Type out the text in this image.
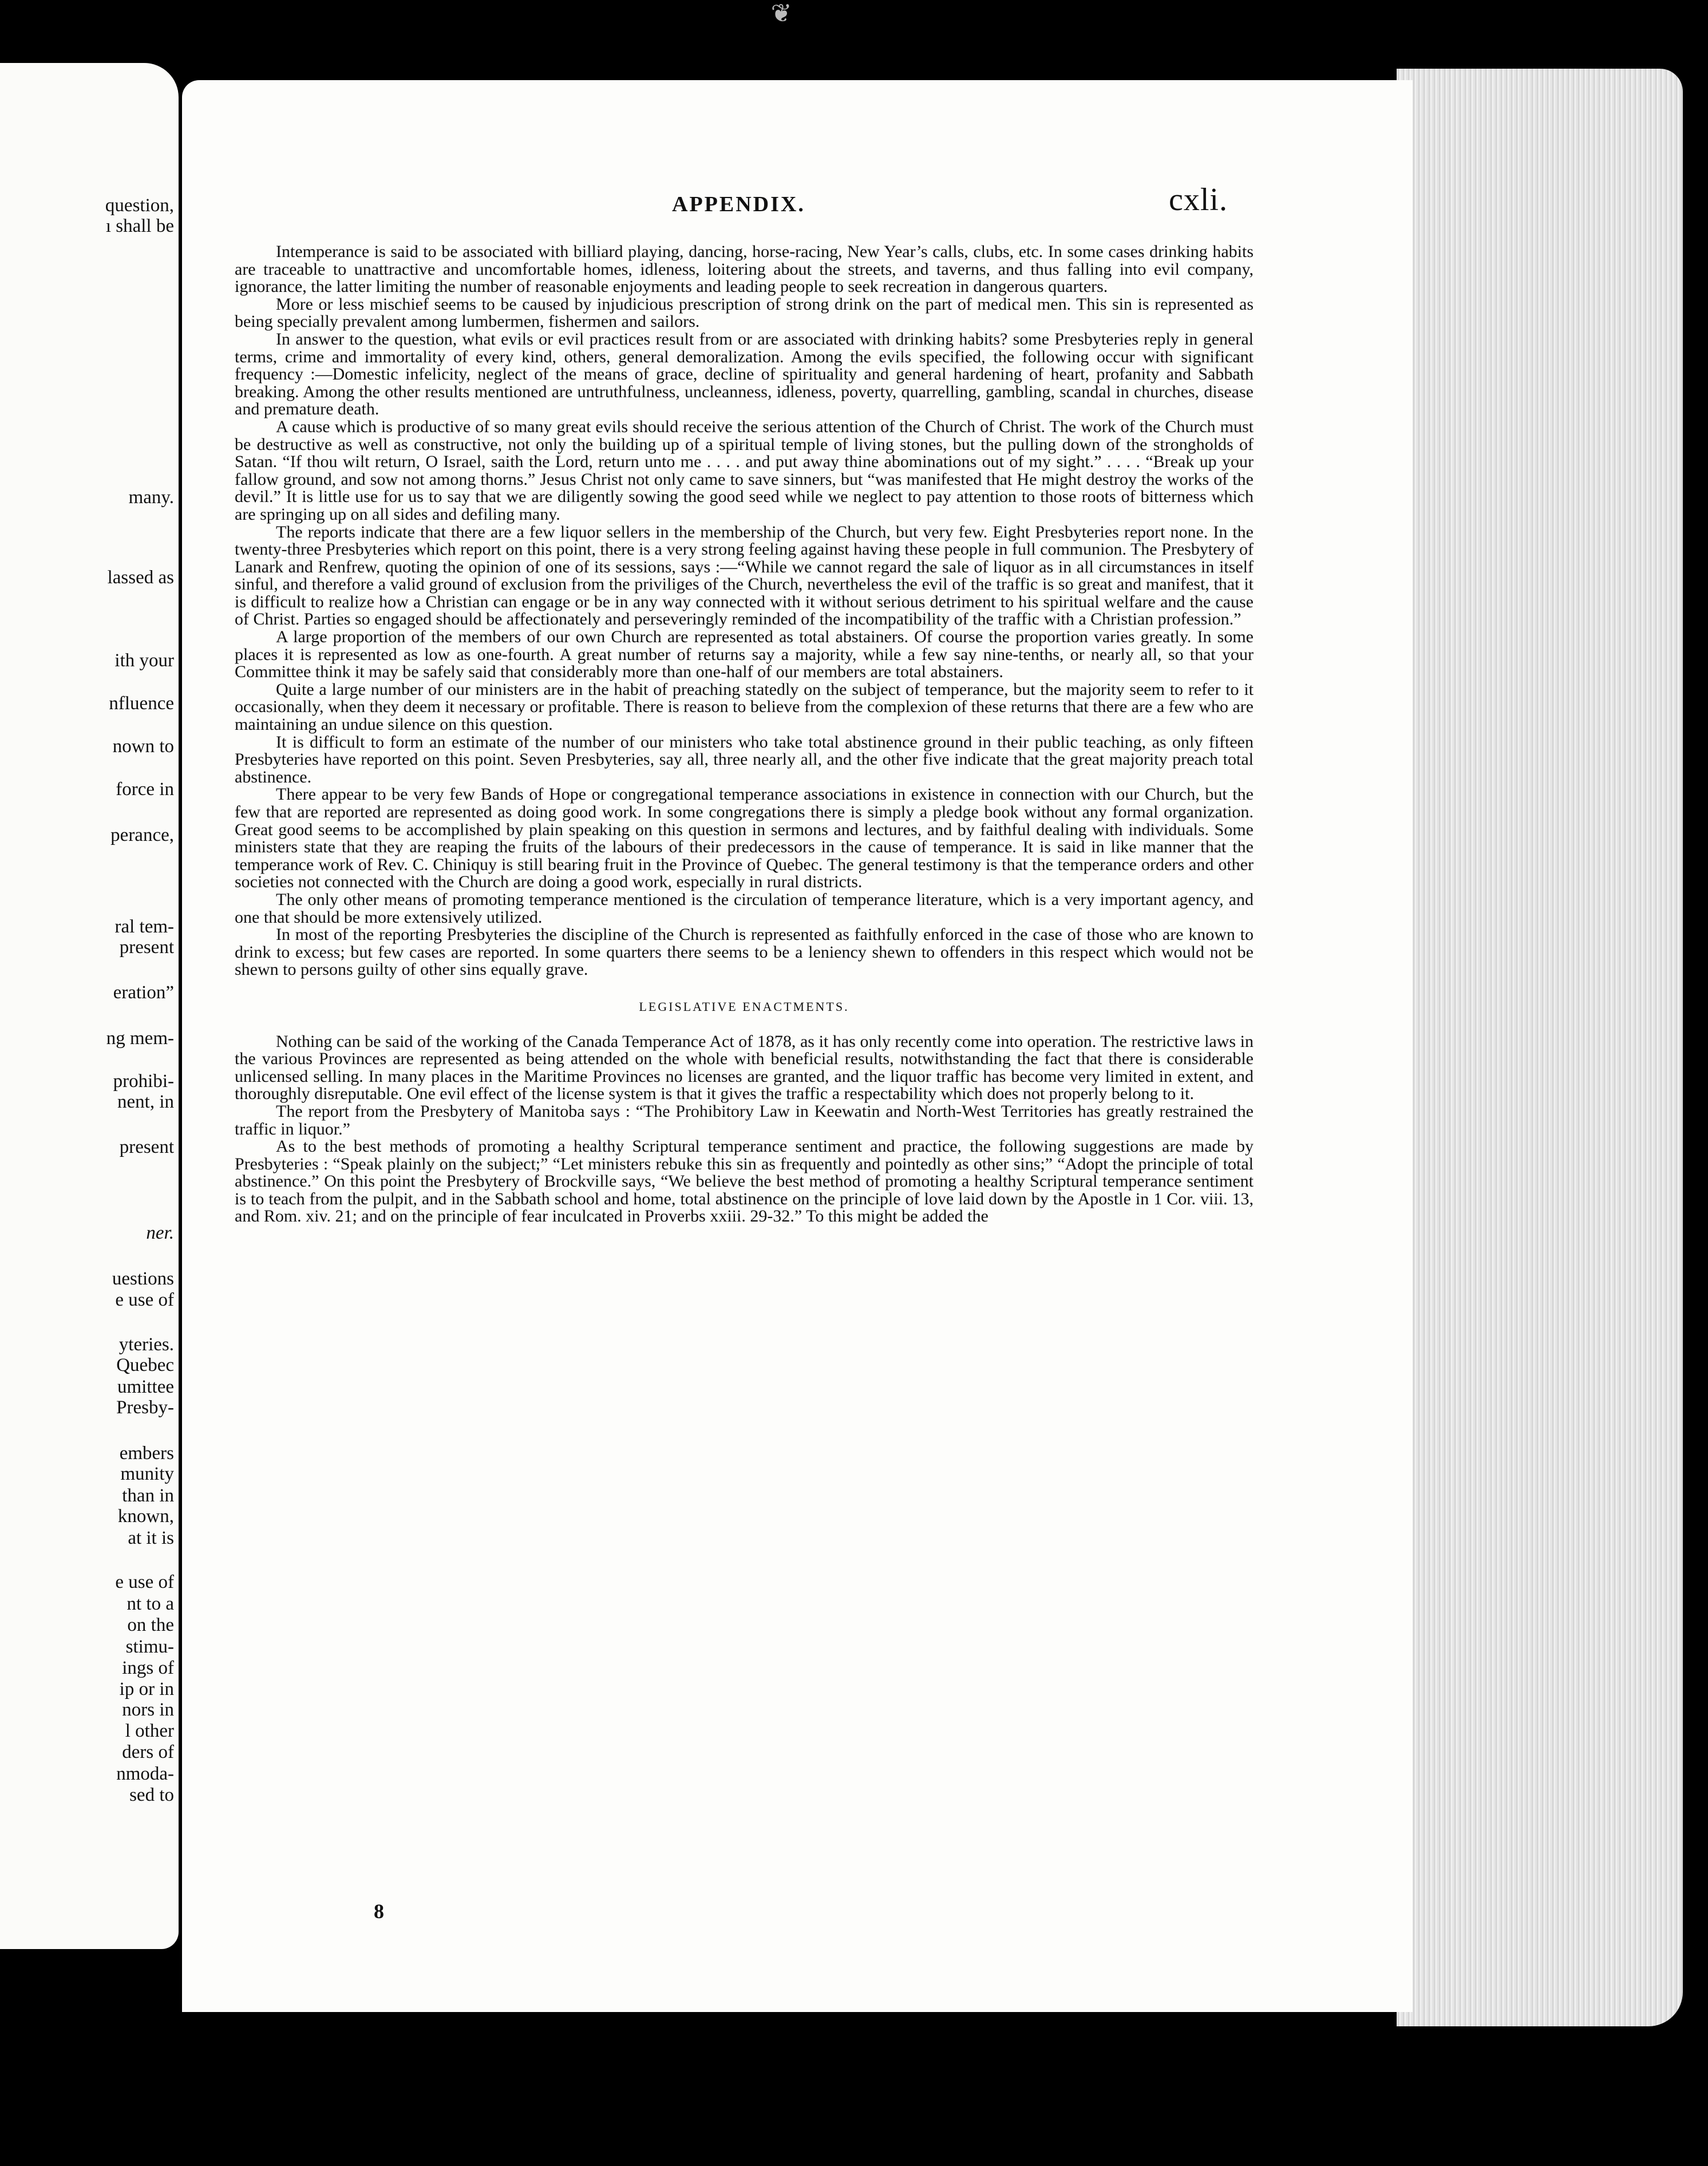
❦
question,
ı shall be
many.
lassed as
ith your
nfluence
nown to
force in
perance,
ral tem-
present
eration”
ng mem-
prohibi-
nent, in
present
ner.
uestions
e use of
yteries.
Quebec
umittee
Presby-
embers
munity
than in
known,
at it is
e use of
nt to a
on the
stimu-
ings of
ip or in
nors in
l other
ders of
nmoda-
sed to
APPENDIX.	cxli.

Intemperance is said to be associated with billiard playing, dancing, horse-racing, New Year’s calls, clubs, etc. In some cases drinking habits are traceable to unattractive and uncomfortable homes, idleness, loitering about the streets, and taverns, and thus falling into evil company, ignorance, the latter limiting the number of reasonable enjoyments and leading people to seek recreation in dangerous quarters.

More or less mischief seems to be caused by injudicious prescription of strong drink on the part of medical men. This sin is represented as being specially prevalent among lumbermen, fishermen and sailors.

In answer to the question, what evils or evil practices result from or are associated with drinking habits? some Presbyteries reply in general terms, crime and immortality of every kind, others, general demoralization. Among the evils specified, the following occur with significant frequency :—Domestic infelicity, neglect of the means of grace, decline of spirituality and general hardening of heart, profanity and Sabbath breaking. Among the other results mentioned are untruthfulness, uncleanness, idleness, poverty, quarrelling, gambling, scandal in churches, disease and premature death.

A cause which is productive of so many great evils should receive the serious attention of the Church of Christ. The work of the Church must be destructive as well as constructive, not only the building up of a spiritual temple of living stones, but the pulling down of the strongholds of Satan. “If thou wilt return, O Israel, saith the Lord, return unto me . . . . and put away thine abominations out of my sight.” . . . . “Break up your fallow ground, and sow not among thorns.” Jesus Christ not only came to save sinners, but “was manifested that He might destroy the works of the devil.” It is little use for us to say that we are diligently sowing the good seed while we neglect to pay attention to those roots of bitterness which are springing up on all sides and defiling many.

The reports indicate that there are a few liquor sellers in the membership of the Church, but very few. Eight Presbyteries report none. In the twenty-three Presbyteries which report on this point, there is a very strong feeling against having these people in full communion. The Presbytery of Lanark and Renfrew, quoting the opinion of one of its sessions, says :—“While we cannot regard the sale of liquor as in all circumstances in itself sinful, and therefore a valid ground of exclusion from the priviliges of the Church, nevertheless the evil of the traffic is so great and manifest, that it is difficult to realize how a Christian can engage or be in any way connected with it without serious detriment to his spiritual welfare and the cause of Christ. Parties so engaged should be affectionately and perseveringly reminded of the incompatibility of the traffic with a Christian profession.”

A large proportion of the members of our own Church are represented as total abstainers. Of course the proportion varies greatly. In some places it is represented as low as one-fourth. A great number of returns say a majority, while a few say nine-tenths, or nearly all, so that your Committee think it may be safely said that considerably more than one-half of our members are total abstainers.

Quite a large number of our ministers are in the habit of preaching statedly on the subject of temperance, but the majority seem to refer to it occasionally, when they deem it necessary or profitable. There is reason to believe from the complexion of these returns that there are a few who are maintaining an undue silence on this question.

It is difficult to form an estimate of the number of our ministers who take total abstinence ground in their public teaching, as only fifteen Presbyteries have reported on this point. Seven Presbyteries, say all, three nearly all, and the other five indicate that the great majority preach total abstinence.

There appear to be very few Bands of Hope or congregational temperance associations in existence in connection with our Church, but the few that are reported are represented as doing good work. In some congregations there is simply a pledge book without any formal organization. Great good seems to be accomplished by plain speaking on this question in sermons and lectures, and by faithful dealing with individuals. Some ministers state that they are reaping the fruits of the labours of their predecessors in the cause of temperance. It is said in like manner that the temperance work of Rev. C. Chiniquy is still bearing fruit in the Province of Quebec. The general testimony is that the temperance orders and other societies not connected with the Church are doing a good work, especially in rural districts.

The only other means of promoting temperance mentioned is the circulation of temperance literature, which is a very important agency, and one that should be more extensively utilized.

In most of the reporting Presbyteries the discipline of the Church is represented as faithfully enforced in the case of those who are known to drink to excess; but few cases are reported. In some quarters there seems to be a leniency shewn to offenders in this respect which would not be shewn to persons guilty of other sins equally grave.

LEGISLATIVE ENACTMENTS.

Nothing can be said of the working of the Canada Temperance Act of 1878, as it has only recently come into operation. The restrictive laws in the various Provinces are represented as being attended on the whole with beneficial results, notwithstanding the fact that there is considerable unlicensed selling. In many places in the Maritime Provinces no licenses are granted, and the liquor traffic has become very limited in extent, and thoroughly disreputable. One evil effect of the license system is that it gives the traffic a respectability which does not properly belong to it.

The report from the Presbytery of Manitoba says : “The Prohibitory Law in Keewatin and North-West Territories has greatly restrained the traffic in liquor.”

As to the best methods of promoting a healthy Scriptural temperance sentiment and practice, the following suggestions are made by Presbyteries : “Speak plainly on the subject;” “Let ministers rebuke this sin as frequently and pointedly as other sins;” “Adopt the principle of total abstinence.” On this point the Presbytery of Brockville says, “We believe the best method of promoting a healthy Scriptural temperance sentiment is to teach from the pulpit, and in the Sabbath school and home, total abstinence on the principle of love laid down by the Apostle in 1 Cor. viii. 13, and Rom. xiv. 21; and on the principle of fear inculcated in Proverbs xxiii. 29-32.” To this might be added the

8
